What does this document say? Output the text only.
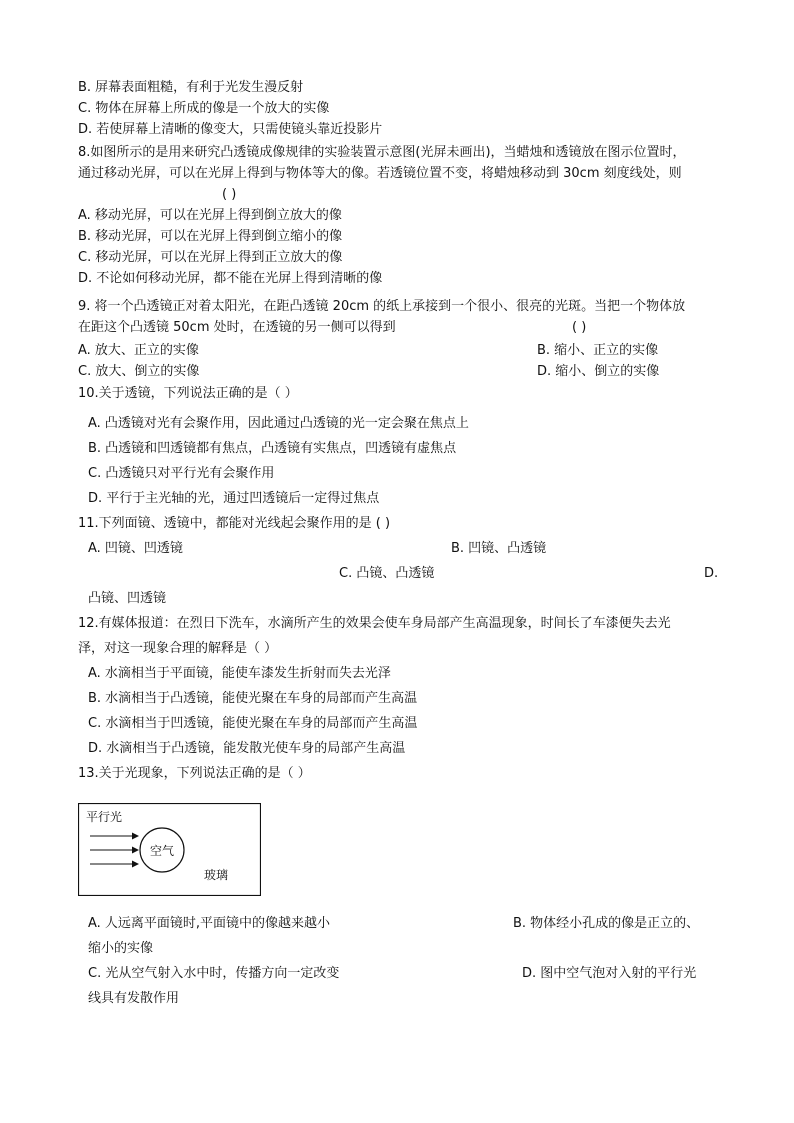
B. 屏幕表面粗糙，有利于光发生漫反射
C. 物体在屏幕上所成的像是一个放大的实像
D. 若使屏幕上清晰的像变大，只需使镜头靠近投影片
8.如图所示的是用来研究凸透镜成像规律的实验装置示意图(光屏未画出)，当蜡烛和透镜放在图示位置时，
通过移动光屏，可以在光屏上得到与物体等大的像。若透镜位置不变，将蜡烛移动到 30cm 刻度线处，则
( )
A. 移动光屏，可以在光屏上得到倒立放大的像
B. 移动光屏，可以在光屏上得到倒立缩小的像
C. 移动光屏，可以在光屏上得到正立放大的像
D. 不论如何移动光屏，都不能在光屏上得到清晰的像
9. 将一个凸透镜正对着太阳光，在距凸透镜 20cm 的纸上承接到一个很小、很亮的光斑。当把一个物体放
在距这个凸透镜 50cm 处时，在透镜的另一侧可以得到	( )
A. 放大、正立的实像	B. 缩小、正立的实像
C. 放大、倒立的实像	D. 缩小、倒立的实像
10.关于透镜，下列说法正确的是（ ）
A. 凸透镜对光有会聚作用，因此通过凸透镜的光一定会聚在焦点上
B. 凸透镜和凹透镜都有焦点，凸透镜有实焦点，凹透镜有虚焦点
C. 凸透镜只对平行光有会聚作用
D. 平行于主光轴的光，通过凹透镜后一定得过焦点
11.下列面镜、透镜中，都能对光线起会聚作用的是 ( )
A. 凹镜、凹透镜	B. 凹镜、凸透镜
C. 凸镜、凸透镜	D.
凸镜、凹透镜
12.有媒体报道：在烈日下洗车，水滴所产生的效果会使车身局部产生高温现象，时间长了车漆便失去光
泽，对这一现象合理的解释是（ ）
A. 水滴相当于平面镜，能使车漆发生折射而失去光泽
B. 水滴相当于凸透镜，能使光聚在车身的局部而产生高温
C. 水滴相当于凹透镜，能使光聚在车身的局部而产生高温
D. 水滴相当于凸透镜，能发散光使车身的局部产生高温
13.关于光现象，下列说法正确的是（ ）
平行光
空气
玻璃
A. 人远离平面镜时,平面镜中的像越来越小	B. 物体经小孔成的像是正立的、
缩小的实像
C. 光从空气射入水中时，传播方向一定改变	D. 图中空气泡对入射的平行光
线具有发散作用
